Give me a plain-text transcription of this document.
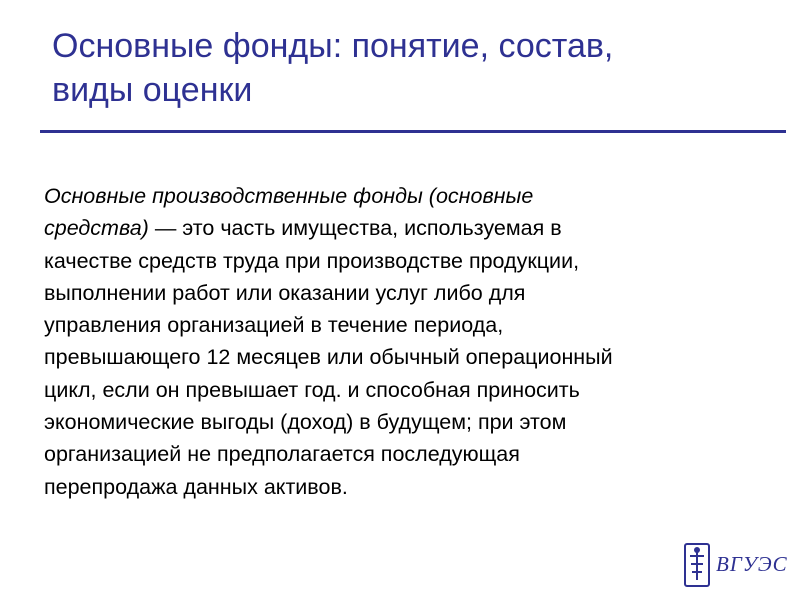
Основные фонды: понятие, состав,
виды оценки

Основные производственные фонды (основные
средства) — это часть имущества, используемая в
качестве средств труда при производстве продукции,
выполнении работ или оказании услуг либо для
управления организацией в течение периода,
превышающего 12 месяцев или обычный операционный
цикл, если он превышает год. и способная приносить
экономические выгоды (доход) в будущем; при этом
организацией не предполагается последующая
перепродажа данных активов.

ВГУЭС
